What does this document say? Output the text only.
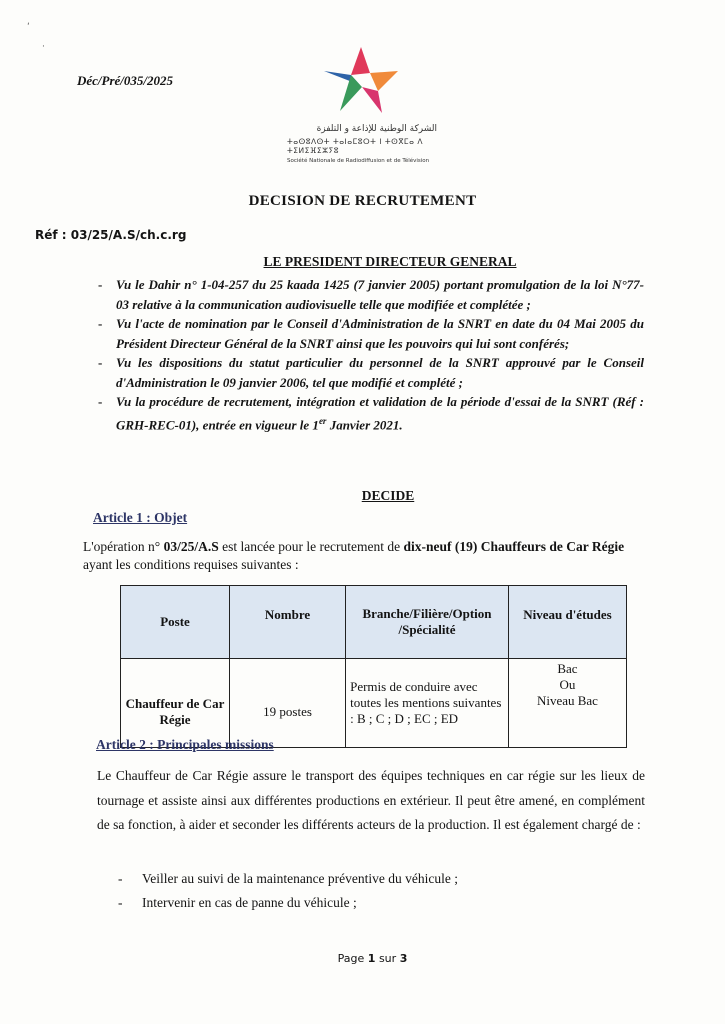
‘
·
Déc/Pré/035/2025
الشركة الوطنية للإذاعة و التلفزة
ⵜⴰⵙⵓⴷⵙⵜ ⵜⴰⵏⴰⵎⵓⵔⵜ ⵏ ⵜⵙⴳⵎⴰ ⴷ ⵜⵉⵍⵉⴼⵉⵣⵢⵓ
Société Nationale de Radiodiffusion et de Télévision
DECISION DE RECRUTEMENT
Réf : 03/25/A.S/ch.c.rg
LE PRESIDENT DIRECTEUR GENERAL
- Vu le Dahir n° 1-04-257 du 25 kaada 1425 (7 janvier 2005) portant promulgation de la loi N°77-03 relative à la communication audiovisuelle telle que modifiée et complétée ;
- Vu l'acte de nomination par le Conseil d'Administration de la SNRT en date du 04 Mai 2005 du Président Directeur Général de la SNRT ainsi que les pouvoirs qui lui sont conférés;
- Vu les dispositions du statut particulier du personnel de la SNRT approuvé par le Conseil d'Administration le 09 janvier 2006, tel que modifié et complété ;
- Vu la procédure de recrutement, intégration et validation de la période d'essai de la SNRT (Réf : GRH-REC-01), entrée en vigueur le 1er Janvier 2021.
DECIDE
Article 1 : Objet
L'opération n° 03/25/A.S est lancée pour le recrutement de dix-neuf (19) Chauffeurs de Car Régie ayant les conditions requises suivantes :
Poste	Nombre	Branche/Filière/Option /Spécialité	Niveau d'études
Chauffeur de Car Régie	19 postes	Permis de conduire avec toutes les mentions suivantes : B ; C ; D ; EC ; ED	Bac
Ou
Niveau Bac
Article 2 : Principales missions
Le Chauffeur de Car Régie assure le transport des équipes techniques en car régie sur les lieux de tournage et assiste ainsi aux différentes productions en extérieur. Il peut être amené, en complément de sa fonction, à aider et seconder les différents acteurs de la production. Il est également chargé de :
- Veiller au suivi de la maintenance préventive du véhicule ;
- Intervenir en cas de panne du véhicule ;
Page 1 sur 3
